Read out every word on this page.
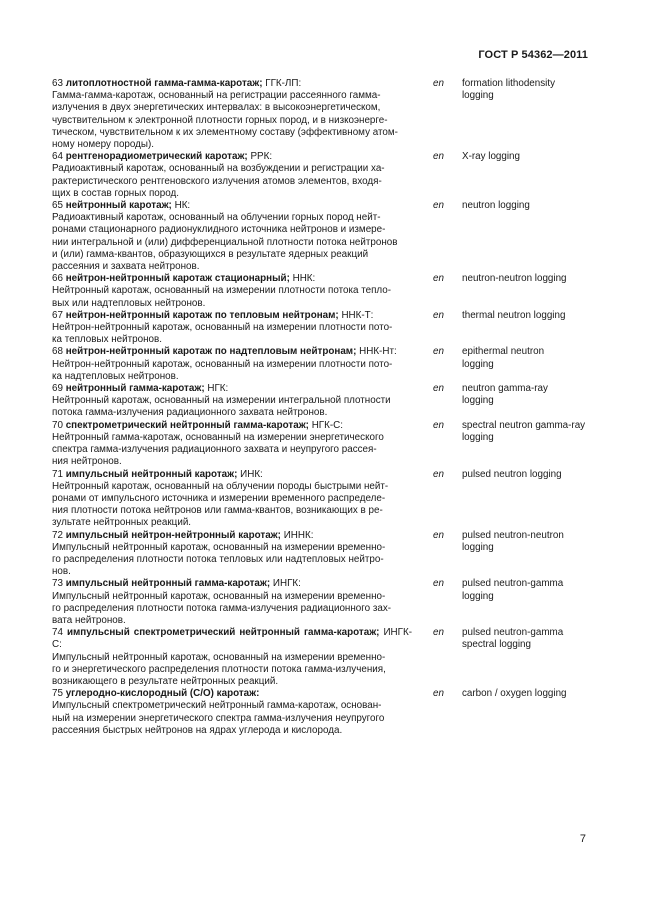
ГОСТ Р 54362—2011
63 литоплотностной гамма-гамма-каротаж; ГГК-ЛП:
Гамма-гамма-каротаж, основанный на регистрации рассеянного гамма-
излучения в двух энергетических интервалах: в высокоэнергетическом,
чувствительном к электронной плотности горных пород, и в низкоэнерге-
тическом, чувствительном к их элементному составу (эффективному атом-
ному номеру породы).
en	formation lithodensity
logging
64 рентгенорадиометрический каротаж; РРК:
Радиоактивный каротаж, основанный на возбуждении и регистрации ха-
рактеристического рентгеновского излучения атомов элементов, входя-
щих в состав горных пород.
en	X-ray logging
65 нейтронный каротаж; НК:
Радиоактивный каротаж, основанный на облучении горных пород нейт-
ронами стационарного радионуклидного источника нейтронов и измере-
нии интегральной и (или) дифференциальной плотности потока нейтронов
и (или) гамма-квантов, образующихся в результате ядерных реакций
рассеяния и захвата нейтронов.
en	neutron logging
66 нейтрон-нейтронный каротаж стационарный; ННК:
Нейтронный каротаж, основанный на измерении плотности потока тепло-
вых или надтепловых нейтронов.
en	neutron-neutron logging
67 нейтрон-нейтронный каротаж по тепловым нейтронам; ННК-Т:
Нейтрон-нейтронный каротаж, основанный на измерении плотности пото-
ка тепловых нейтронов.
en	thermal neutron logging
68 нейтрон-нейтронный каротаж по надтепловым нейтронам; ННК-Нт:
Нейтрон-нейтронный каротаж, основанный на измерении плотности пото-
ка надтепловых нейтронов.
en	epithermal neutron
logging
69 нейтронный гамма-каротаж; НГК:
Нейтронный каротаж, основанный на измерении интегральной плотности
потока гамма-излучения радиационного захвата нейтронов.
en	neutron gamma-ray
logging
70 спектрометрический нейтронный гамма-каротаж; НГК-С:
Нейтронный гамма-каротаж, основанный на измерении энергетического
спектра гамма-излучения радиационного захвата и неупругого рассея-
ния нейтронов.
en	spectral neutron gamma-ray
logging
71 импульсный нейтронный каротаж; ИНК:
Нейтронный каротаж, основанный на облучении породы быстрыми нейт-
ронами от импульсного источника и измерении временного распределе-
ния плотности потока нейтронов или гамма-квантов, возникающих в ре-
зультате нейтронных реакций.
en	pulsed neutron logging
72 импульсный нейтрон-нейтронный каротаж; ИННК:
Импульсный нейтронный каротаж, основанный на измерении временно-
го распределения плотности потока тепловых или надтепловых нейтро-
нов.
en	pulsed neutron-neutron
logging
73 импульсный нейтронный гамма-каротаж; ИНГК:
Импульсный нейтронный каротаж, основанный на измерении временно-
го распределения плотности потока гамма-излучения радиационного зах-
вата нейтронов.
en	pulsed neutron-gamma
logging
74 импульсный спектрометрический нейтронный гамма-каротаж; ИНГК-С:
Импульсный нейтронный каротаж, основанный на измерении временно-
го и энергетического распределения плотности потока гамма-излучения,
возникающего в результате нейтронных реакций.
en	pulsed neutron-gamma
spectral logging
75 углеродно-кислородный (С/О) каротаж:
Импульсный спектрометрический нейтронный гамма-каротаж, основан-
ный на измерении энергетического спектра гамма-излучения неупругого
рассеяния быстрых нейтронов на ядрах углерода и кислорода.
en	carbon / oxygen logging
7
